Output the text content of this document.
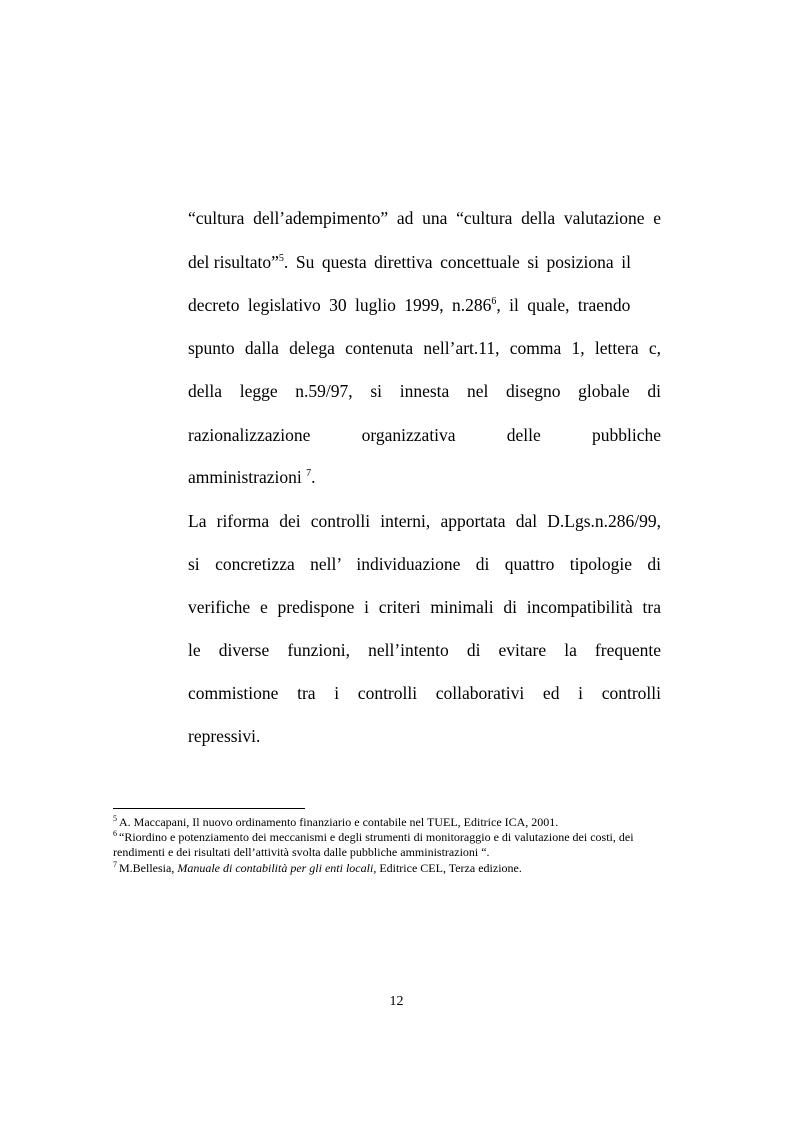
“cultura dell’adempimento” ad una “cultura della valutazione e
del risultato”$^5$. Su questa direttiva concettuale si posiziona il
decreto legislativo 30 luglio 1999, n.286$^6$, il quale, traendo
spunto dalla delega contenuta nell’art.11, comma 1, lettera c,
della legge n.59/97, si innesta nel disegno globale di
razionalizzazione organizzativa delle pubbliche
amministrazioni $^7$.
La riforma dei controlli interni, apportata dal D.Lgs.n.286/99,
si concretizza nell’ individuazione di quattro tipologie di
verifiche e predispone i criteri minimali di incompatibilità tra
le diverse funzioni, nell’intento di evitare la frequente
commistione tra i controlli collaborativi ed i controlli
repressivi.
$^5$ A. Maccapani, Il nuovo ordinamento finanziario e contabile nel TUEL, Editrice ICA, 2001.
$^6$ “Riordino e potenziamento dei meccanismi e degli strumenti di monitoraggio e di valutazione dei costi, dei
rendimenti e dei risultati dell’attività svolta dalle pubbliche amministrazioni “.
$^7$ M.Bellesia, Manuale di contabilità per gli enti locali, Editrice CEL, Terza edizione.
12
